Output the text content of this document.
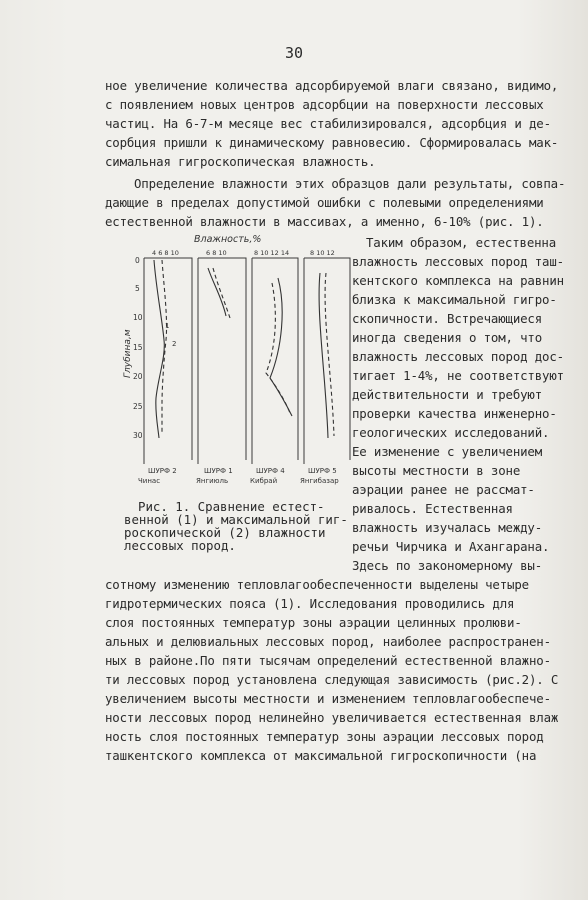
30
ное увеличение количества адсорбируемой влаги связано, видимо,
с появлением новых центров адсорбции на поверхности лессовых
частиц. На 6-7-м месяце вес стабилизировался, адсорбция и де-
сорбция пришли к динамическому равновесию. Сформировалась мак-
симальная гигроскопическая влажность.
Определение влажности этих образцов дали результаты, совпа-
дающие в пределах допустимой ошибки с полевыми определениями
естественной влажности в массивах, а именно, 6-10% (рис. 1).
Влажность,%
Глубина,м
0
5
10
15
20
25
30
4 6 8 10	6 8 10	8 10 12 14	8 10 12
1
2
ШУРФ 2
Чинаc
ШУРФ 1
Янгиюль
ШУРФ 4
Кибрай
ШУРФ 5
Янгибазар
Таким образом, естественна
влажность лессовых пород таш-
кентского комплекса на равнин
близка к максимальной гигро-
скопичности. Встречающиеся
иногда сведения о том, что
влажность лессовых пород дос-
тигает 1-4%, не соответствуют
действительности и требуют
проверки качества инженерно-
геологических исследований.
Ее изменение с увеличением
высоты местности в зоне
аэрации ранее не рассмат-
ривалось. Естественная
влажность изучалась между-
речьи Чирчика и Ахангарана.
Здесь по закономерному вы-
Рис. 1. Сравнение естест-
венной (1) и максимальной гиг-
роскопической (2) влажности
лессовых пород.
сотному изменению тепловлагообеспеченности выделены четыре
гидротермических пояса (1). Исследования проводились для
слоя постоянных температур зоны аэрации целинных пролюви-
альных и делювиальных лессовых пород, наиболее распространен-
ных в районе.По пяти тысячам определений естественной влажно-
ти лессовых пород установлена следующая зависимость (рис.2). С
увеличением высоты местности и изменением тепловлагообеспече-
ности лессовых пород нелинейно увеличивается естественная влаж
ность слоя постоянных температур зоны аэрации лессовых пород
ташкентского комплекса от максимальной гигроскопичности (на
